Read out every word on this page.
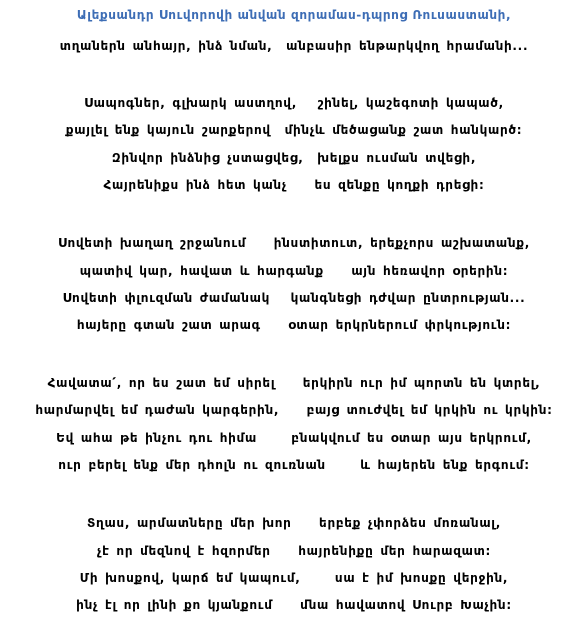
Ալեքսանդր Սուվորովի անվան զորամաս-դպրոց Ռուսաստանի,
տղաներն անհայր, ինձ նման,  անբասիր ենթարկվող հրամանի...
Սապոգներ, գլխարկ աստղով,   շինել, կաշեգոտի կապած,
քայլել ենք կայուն շարքերով  մինչև մեծացանք շատ հանկարծ:
Զինվոր ինձնից չստացվեց,  խելքս ուսման տվեցի,
Հայրենիքս ինձ հետ կանչ    ես զենքը կողքի դրեցի:
Սովետի խաղաղ շրջանում    ինստիտուտ, երեքչորս աշխատանք,
պատիվ կար, հավատ և հարգանք    այն հեռավոր օրերին:
Սովետի փլուզման ժամանակ   կանգնեցի դժվար ընտրության...
հայերը գտան շատ արագ    օտար երկրներում փրկություն:
Հավատա՛, որ ես շատ եմ սիրել    երկիրն ուր իմ պորտն են կտրել,
հարմարվել եմ դաժան կարգերին,    բայց տուժվել եմ կրկին ու կրկին:
Եվ ահա թե ինչու դու հիմա     բնակվում ես օտար այս երկրում,
ուր բերել ենք մեր դհոլն ու զուռնան     և հայերեն ենք երգում:
Տղաս, արմատները մեր խոր    երբեք չփորձես մոռանալ,
չէ որ մեզնով է հզորմեր    հայրենիքը մեր հարազատ:
Մի խոսքով, կարճ եմ կապում,     սա է իմ խոսքը վերջին,
ինչ էլ որ լինի քո կյանքում    մնա հավատով Սուրբ Խաչին:
